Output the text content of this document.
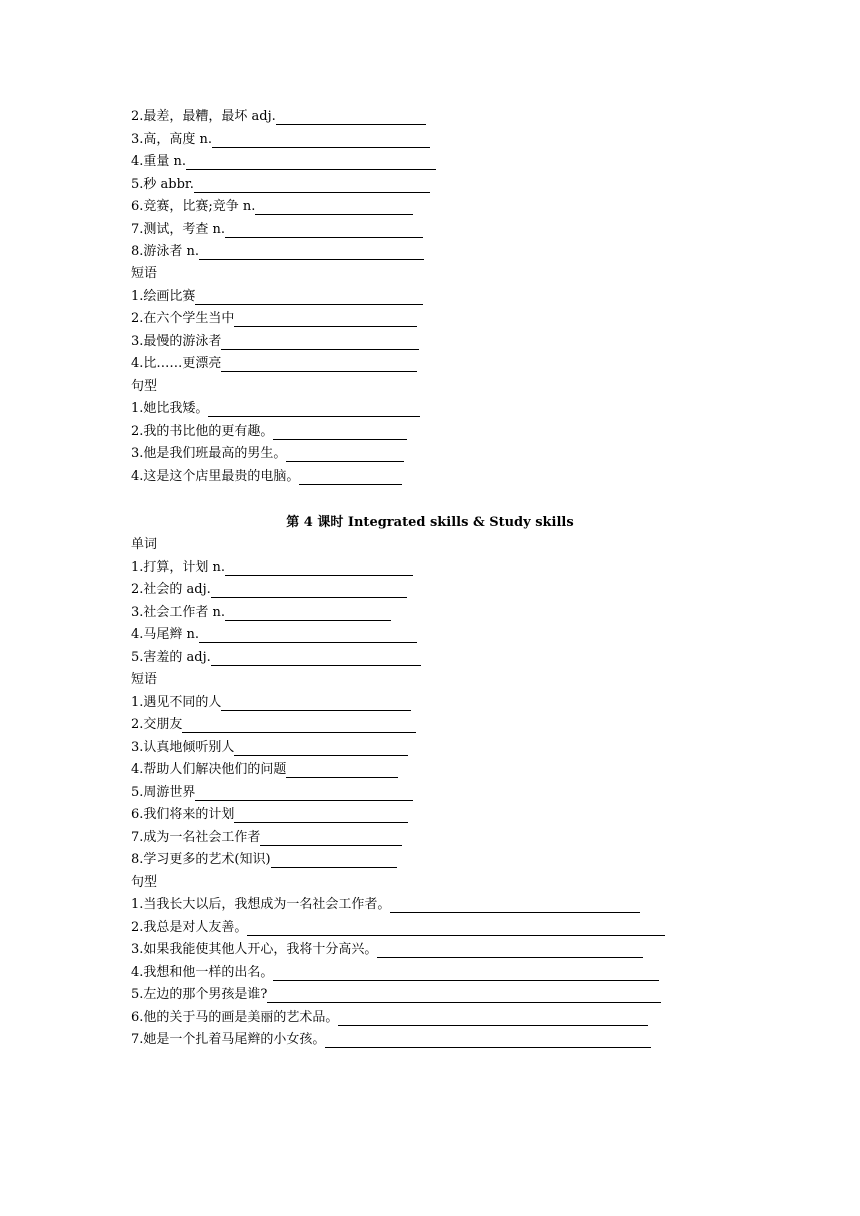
2.最差，最糟，最坏 adj.
3.高，高度 n.
4.重量 n.
5.秒 abbr.
6.竞赛，比赛;竞争 n.
7.测试，考查 n.
8.游泳者 n.
短语
1.绘画比赛
2.在六个学生当中
3.最慢的游泳者
4.比……更漂亮
句型
1.她比我矮。
2.我的书比他的更有趣。
3.他是我们班最高的男生。
4.这是这个店里最贵的电脑。
第 4 课时 Integrated skills & Study skills
单词
1.打算，计划 n.
2.社会的 adj.
3.社会工作者 n.
4.马尾辫 n.
5.害羞的 adj.
短语
1.遇见不同的人
2.交朋友
3.认真地倾听别人
4.帮助人们解决他们的问题
5.周游世界
6.我们将来的计划
7.成为一名社会工作者
8.学习更多的艺术(知识)
句型
1.当我长大以后，我想成为一名社会工作者。
2.我总是对人友善。
3.如果我能使其他人开心，我将十分高兴。
4.我想和他一样的出名。
5.左边的那个男孩是谁?
6.他的关于马的画是美丽的艺术品。
7.她是一个扎着马尾辫的小女孩。
